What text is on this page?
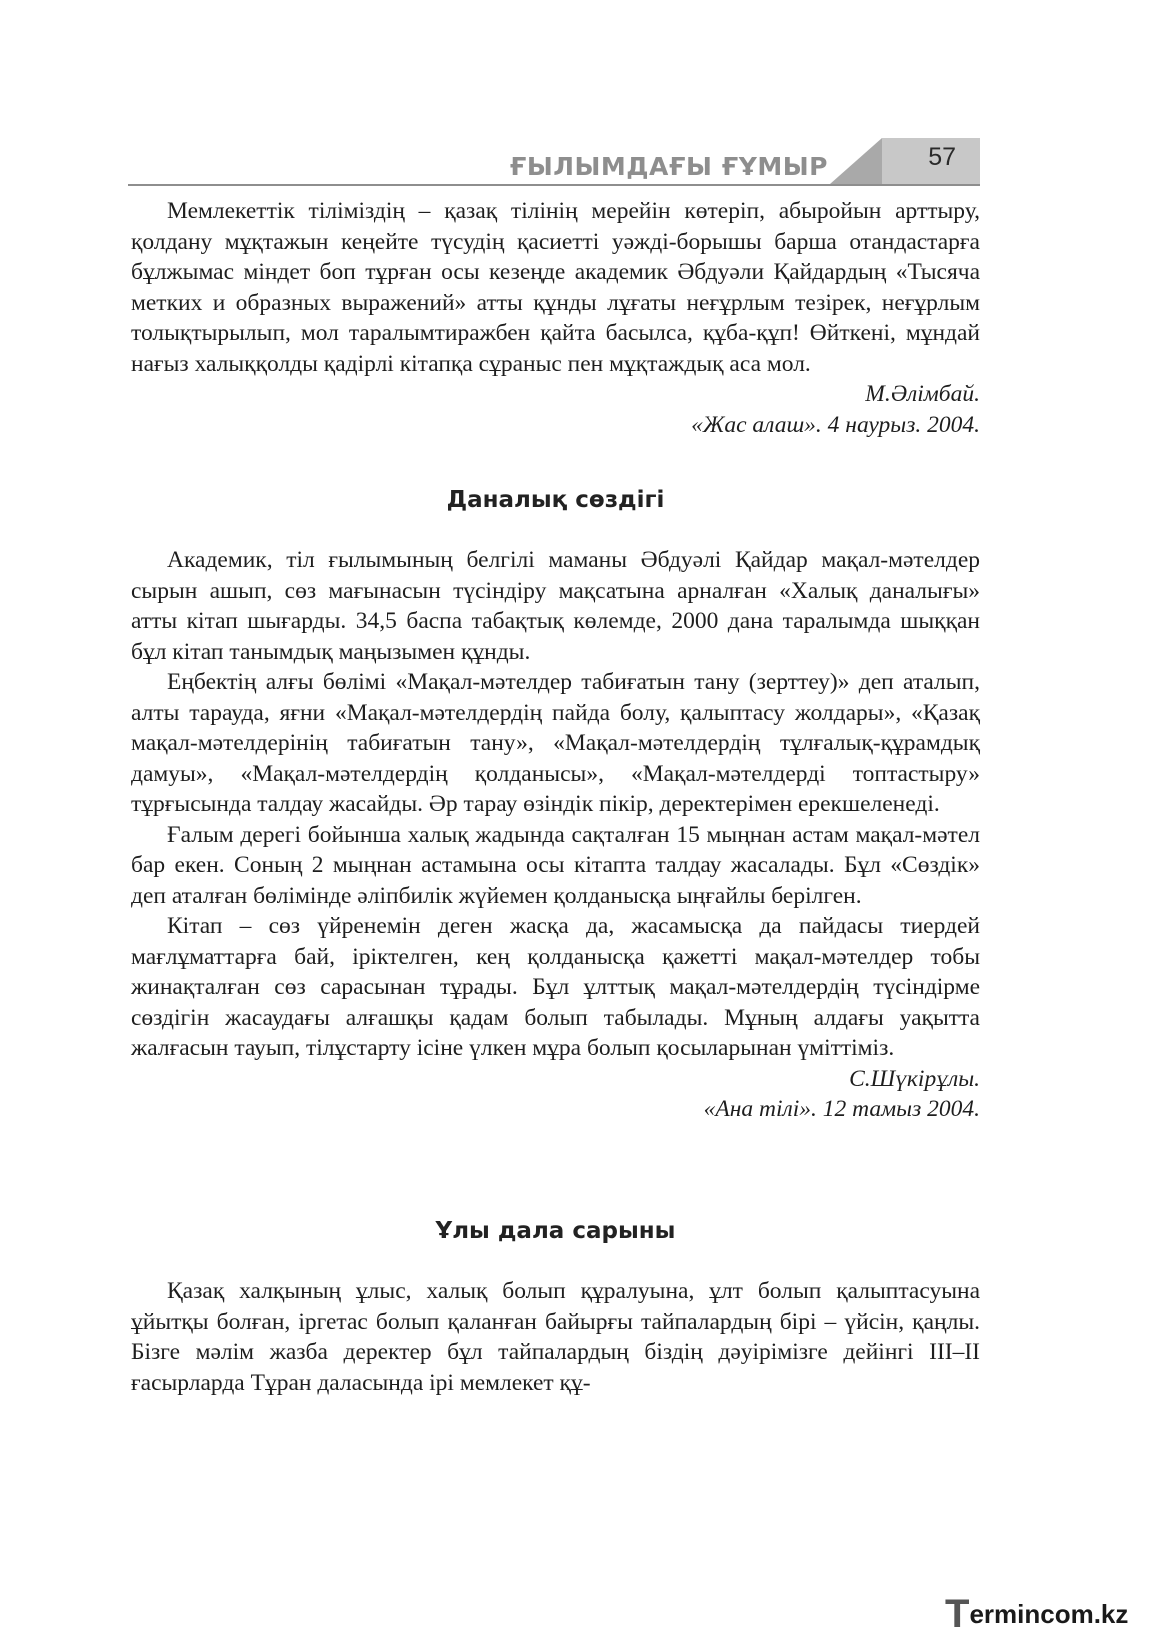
ҒЫЛЫМДАҒЫ ҒҰМЫР	57

Мемлекеттік тіліміздің – қазақ тілінің мерейін көтеріп, абыройын арттыру, қолдану мұқтажын кеңейте түсудің қасиетті уәжді-борышы барша отандастарға бұлжымас міндет боп тұрған осы кезеңде академик Әбдуәли Қайдардың «Тысяча метких и образных выражений» атты құнды лұғаты неғұрлым тезірек, неғұрлым толықтырылып, мол таралымтиражбен қайта басылса, құба-құп! Өйткені, мұндай нағыз халыққолды қадірлі кітапқа сұраныс пен мұқтаждық аса мол.

М.Әлімбай.

«Жас алаш». 4 наурыз. 2004.

Даналық сөздігі

Академик, тіл ғылымының белгілі маманы Әбдуәлі Қайдар мақал-мәтелдер сырын ашып, сөз мағынасын түсіндіру мақсатына арналған «Халық даналығы» атты кітап шығарды. 34,5 баспа табақтық көлемде, 2000 дана таралымда шыққан бұл кітап танымдық маңызымен құнды.

Еңбектің алғы бөлімі «Мақал-мәтелдер табиғатын тану (зерттеу)» деп аталып, алты тарауда, яғни «Мақал-мәтелдердің пайда болу, қалыптасу жолдары», «Қазақ мақал-мәтелдерінің табиғатын тану», «Мақал-мәтелдердің тұлғалық-құрамдық дамуы», «Мақал-мәтелдердің қолданысы», «Мақал-мәтелдерді топтастыру» тұрғысында талдау жасайды. Әр тарау өзіндік пікір, деректерімен ерекшеленеді.

Ғалым дерегі бойынша халық жадында сақталған 15 мыңнан астам мақал-мәтел бар екен. Соның 2 мыңнан астамына осы кітапта талдау жасалады. Бұл «Сөздік» деп аталған бөлімінде әліпбилік жүйемен қолданысқа ыңғайлы берілген.

Кітап – сөз үйренемін деген жасқа да, жасамысқа да пайдасы тиердей мағлұматтарға бай, іріктелген, кең қолданысқа қажетті мақал-мәтелдер тобы жинақталған сөз сарасынан тұрады. Бұл ұлттық мақал-мәтелдердің түсіндірме сөздігін жасаудағы алғашқы қадам болып табылады. Мұның алдағы уақытта жалғасын тауып, тілұстарту ісіне үлкен мұра болып қосыларынан үміттіміз.

С.Шүкірұлы.

«Ана тілі». 12 тамыз 2004.

Ұлы дала сарыны

Қазақ халқының ұлыс, халық болып құралуына, ұлт болып қалыптасуына ұйытқы болған, іргетас болып қаланған байырғы тайпалардың бірі – үйсін, қаңлы. Бізге мәлім жазба деректер бұл тайпалардың біздің дәуірімізге дейінгі III–II ғасырларда Тұран даласында ірі мемлекет құ-

Termincom.kz
